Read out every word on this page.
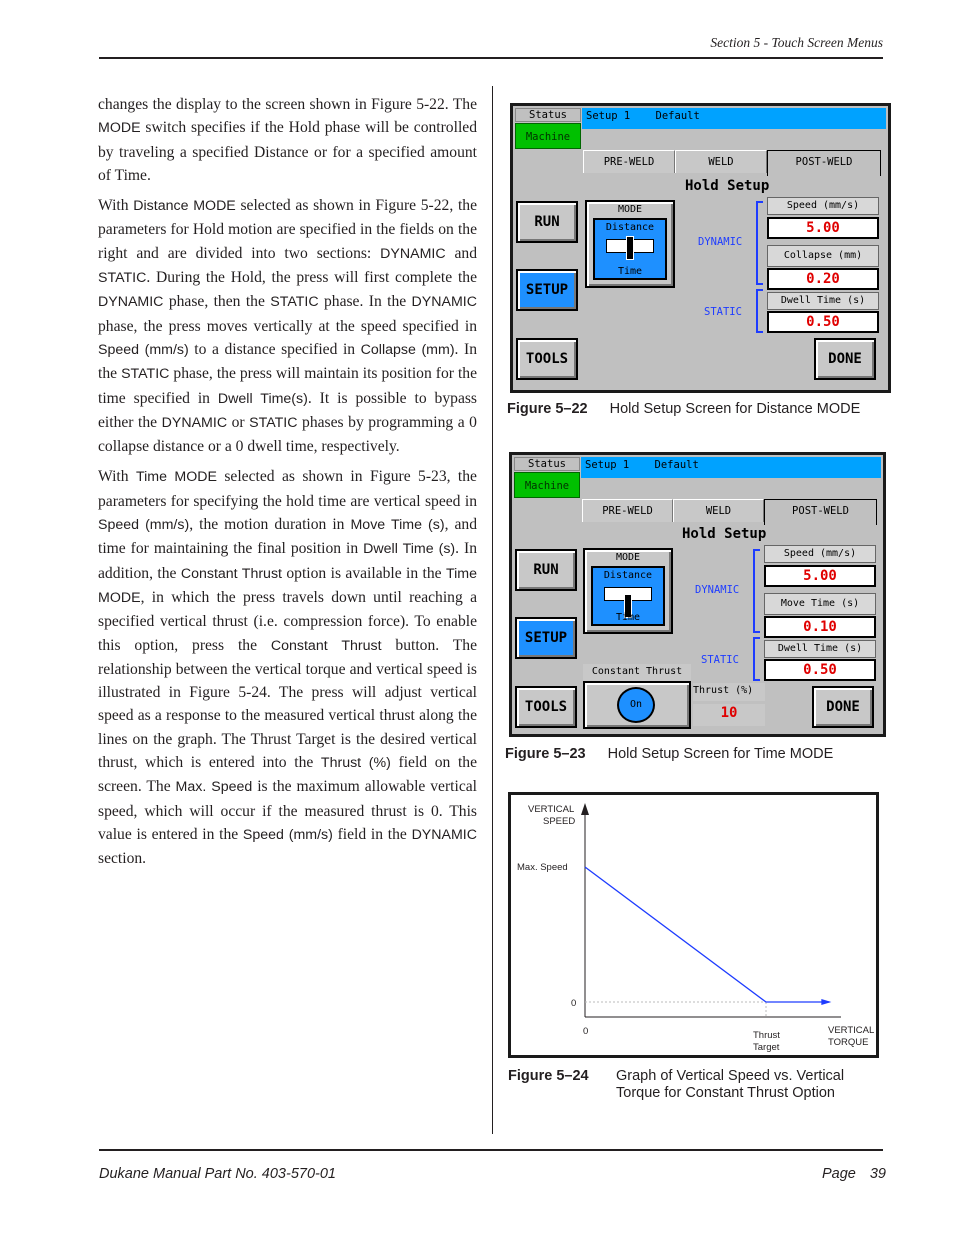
Section 5 - Touch Screen Menus

changes the display to the screen shown in Figure 5-22. The MODE switch specifies if the Hold phase will be controlled by traveling a specified Distance or for a specified amount of Time.

With Distance MODE selected as shown in Figure 5-22, the parameters for Hold motion are specified in the fields on the right and are divided into two sections: DYNAMIC and STATIC. During the Hold, the press will first complete the DYNAMIC phase, then the STATIC phase. In the DYNAMIC phase, the press moves vertically at the speed specified in Speed (mm/s) to a distance specified in Collapse (mm). In the STATIC phase, the press will maintain its position for the time specified in Dwell Time(s). It is possible to bypass either the DYNAMIC or STATIC phases by programming a 0 collapse distance or a 0 dwell time, respectively.

With Time MODE selected as shown in Figure 5-23, the parameters for specifying the hold time are vertical speed in Speed (mm/s), the motion duration in Move Time (s), and time for maintaining the final position in Dwell Time (s). In addition, the Constant Thrust option is available in the Time MODE, in which the press travels down until reaching a specified vertical thrust (i.e. compression force). To enable this option, press the Constant Thrust button. The relationship between the vertical torque and vertical speed is illustrated in Figure 5-24. The press will adjust vertical speed as a response to the measured vertical thrust along the lines on the graph. The Thrust Target is the desired vertical thrust, which is entered into the Thrust (%) field on the screen. The Max. Speed is the maximum allowable vertical speed, which will occur if the measured thrust is 0. This value is entered in the Speed (mm/s) field in the DYNAMIC section.

Status
Machine
Setup 1    Default
PRE-WELD	WELD	POST-WELD
Hold Setup
RUN
SETUP
TOOLS	DONE
MODE
Distance
Time
DYNAMIC
STATIC
Speed (mm/s)
5.00
Collapse (mm)
0.20
Dwell Time (s)
0.50
Figure 5–22 Hold Setup Screen for Distance MODE
Status
Machine
Setup 1    Default
PRE-WELD	WELD	POST-WELD
Hold Setup
RUN
SETUP
TOOLS	DONE
MODE
Distance
Time
Constant Thrust
On
DYNAMIC
STATIC
Speed (mm/s)
5.00
Move Time (s)
0.10
Dwell Time (s)
0.50
Thrust (%)
10
Figure 5–23 Hold Setup Screen for Time MODE
VERTICAL
SPEED
Max. Speed
0
0	Thrust
Target
VERTICAL
TORQUE
Figure 5–24 Graph of Vertical Speed vs. Vertical
Torque for Constant Thrust Option
Dukane Manual Part No. 403-570-01	Page 39
